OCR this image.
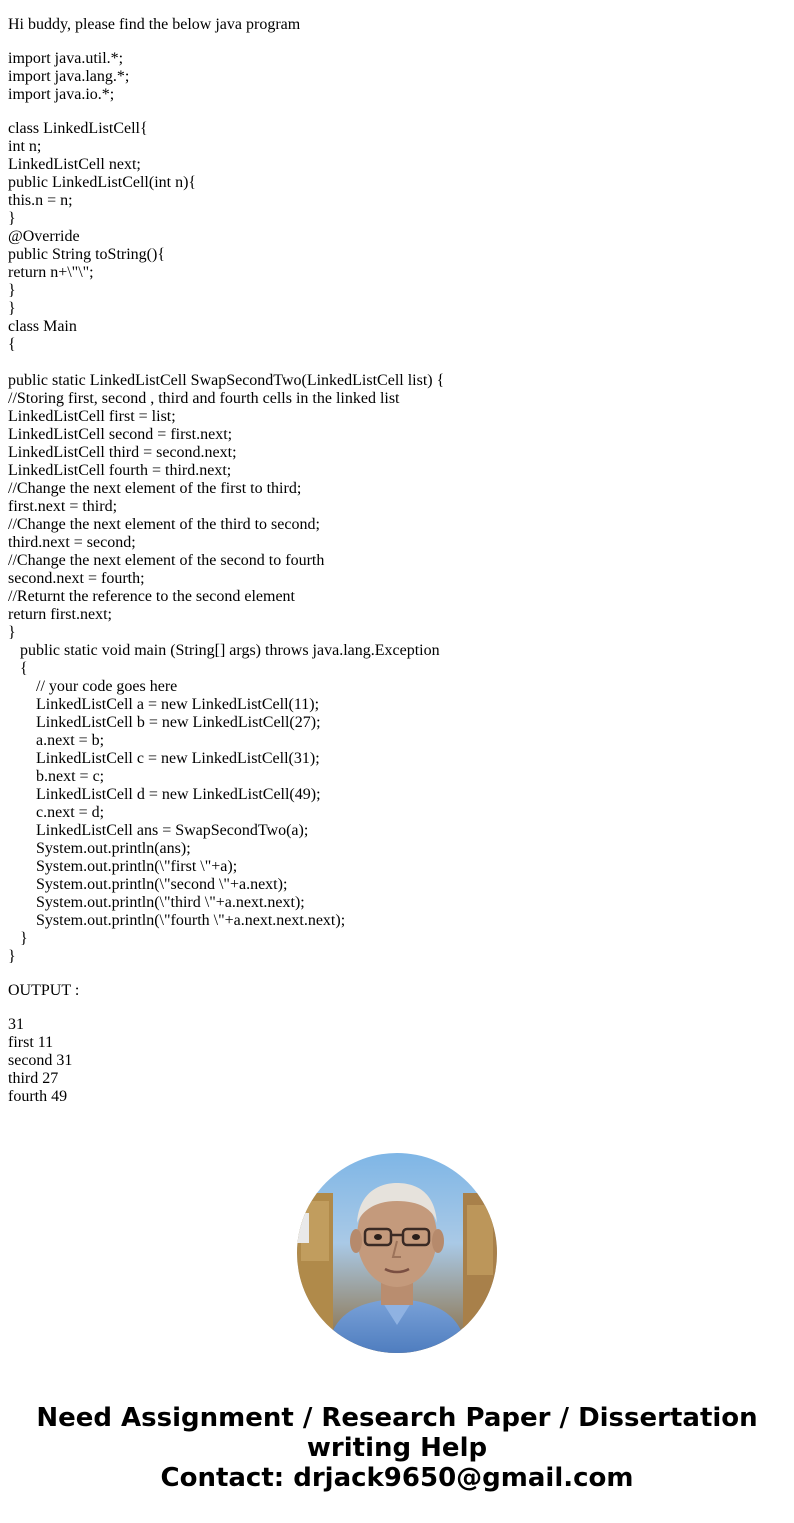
Hi buddy, please find the below java program
import java.util.*;
import java.lang.*;
import java.io.*;
class LinkedListCell{
int n;
LinkedListCell next;
public LinkedListCell(int n){
this.n = n;
}
@Override
public String toString(){
return n+\"\";
}
}
class Main
{
public static LinkedListCell SwapSecondTwo(LinkedListCell list) {
//Storing first, second , third and fourth cells in the linked list
LinkedListCell first = list;
LinkedListCell second = first.next;
LinkedListCell third = second.next;
LinkedListCell fourth = third.next;
//Change the next element of the first to third;
first.next = third;
//Change the next element of the third to second;
third.next = second;
//Change the next element of the second to fourth
second.next = fourth;
//Returnt the reference to the second element
return first.next;
}
public static void main (String[] args) throws java.lang.Exception
{
// your code goes here
LinkedListCell a = new LinkedListCell(11);
LinkedListCell b = new LinkedListCell(27);
a.next = b;
LinkedListCell c = new LinkedListCell(31);
b.next = c;
LinkedListCell d = new LinkedListCell(49);
c.next = d;
LinkedListCell ans = SwapSecondTwo(a);
System.out.println(ans);
System.out.println(\"first \"+a);
System.out.println(\"second \"+a.next);
System.out.println(\"third \"+a.next.next);
System.out.println(\"fourth \"+a.next.next.next);
}
}
OUTPUT :
31
first 11
second 31
third 27
fourth 49
Need Assignment / Research Paper / Dissertation
writing Help
Contact: drjack9650@gmail.com
